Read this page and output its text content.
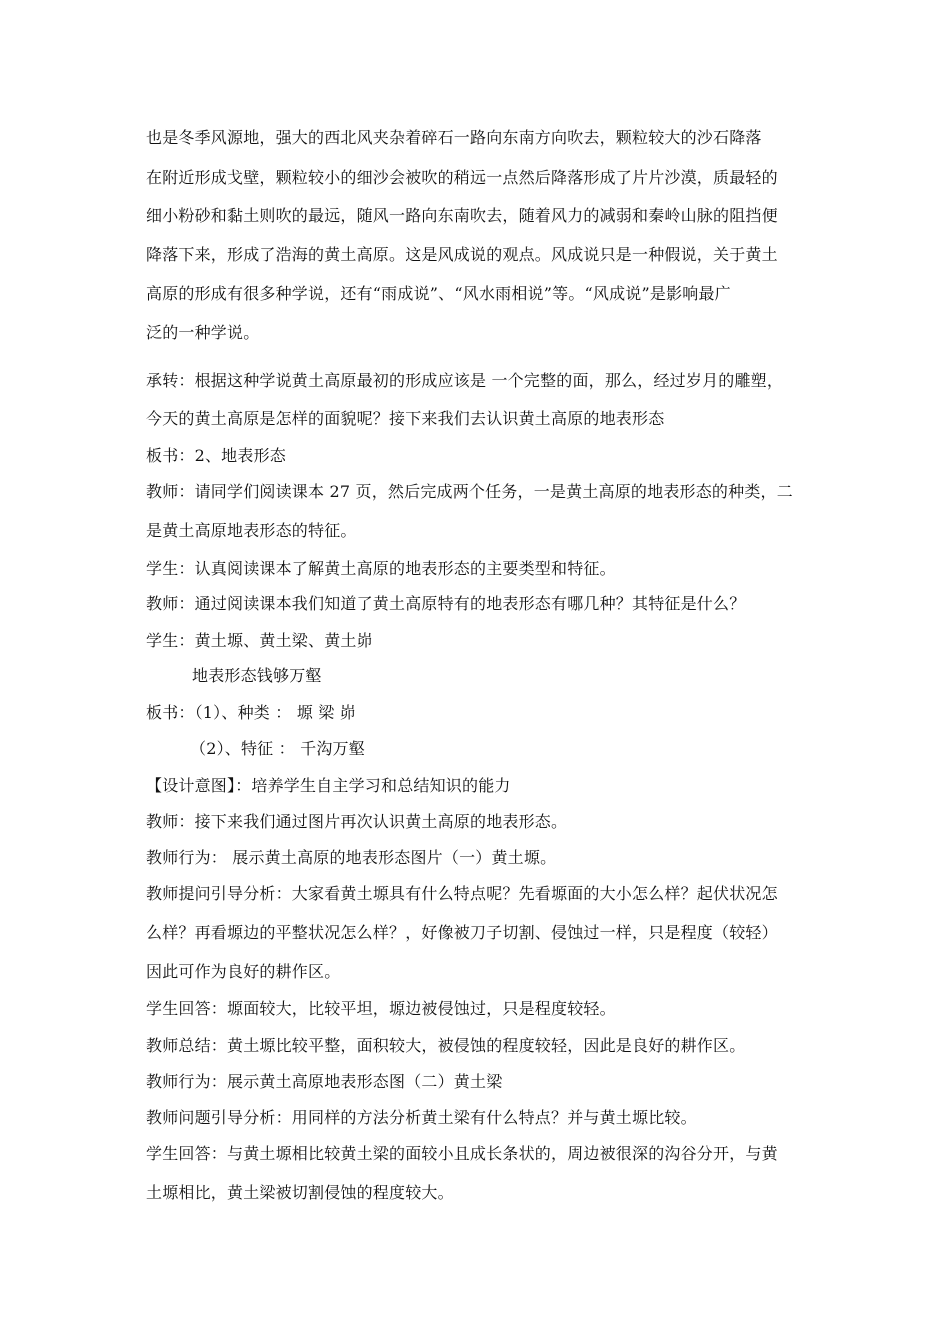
也是冬季风源地，强大的西北风夹杂着碎石一路向东南方向吹去，颗粒较大的沙石降落
在附近形成戈壁，颗粒较小的细沙会被吹的稍远一点然后降落形成了片片沙漠，质最轻的
细小粉砂和黏土则吹的最远，随风一路向东南吹去，随着风力的减弱和秦岭山脉的阻挡便
降落下来，形成了浩海的黄土高原。这是风成说的观点。风成说只是一种假说，关于黄土
高原的形成有很多种学说，还有“雨成说”、“风水雨相说”等。“风成说”是影响最广
泛的一种学说。
承转：根据这种学说黄土高原最初的形成应该是 一个完整的面，那么，经过岁月的雕塑，
今天的黄土高原是怎样的面貌呢？接下来我们去认识黄土高原的地表形态
板书：2、地表形态
教师：请同学们阅读课本 27 页，然后完成两个任务，一是黄土高原的地表形态的种类，二
是黄土高原地表形态的特征。
学生：认真阅读课本了解黄土高原的地表形态的主要类型和特征。
教师：通过阅读课本我们知道了黄土高原特有的地表形态有哪几种？其特征是什么？
学生：黄土塬、黄土梁、黄土峁
地表形态钱够万壑
板书：（1）、种类 ： 塬 梁 峁
（2）、特征 ： 千沟万壑
【设计意图】：培养学生自主学习和总结知识的能力
教师：接下来我们通过图片再次认识黄土高原的地表形态。
教师行为： 展示黄土高原的地表形态图片（一）黄土塬。
教师提问引导分析：大家看黄土塬具有什么特点呢？先看塬面的大小怎么样？起伏状况怎
么样？再看塬边的平整状况怎么样？，好像被刀子切割、侵蚀过一样，只是程度（较轻）
因此可作为良好的耕作区。
学生回答：塬面较大，比较平坦，塬边被侵蚀过，只是程度较轻。
教师总结：黄土塬比较平整，面积较大，被侵蚀的程度较轻，因此是良好的耕作区。
教师行为：展示黄土高原地表形态图（二）黄土梁
教师问题引导分析：用同样的方法分析黄土梁有什么特点？并与黄土塬比较。
学生回答：与黄土塬相比较黄土梁的面较小且成长条状的，周边被很深的沟谷分开，与黄
土塬相比，黄土梁被切割侵蚀的程度较大。
